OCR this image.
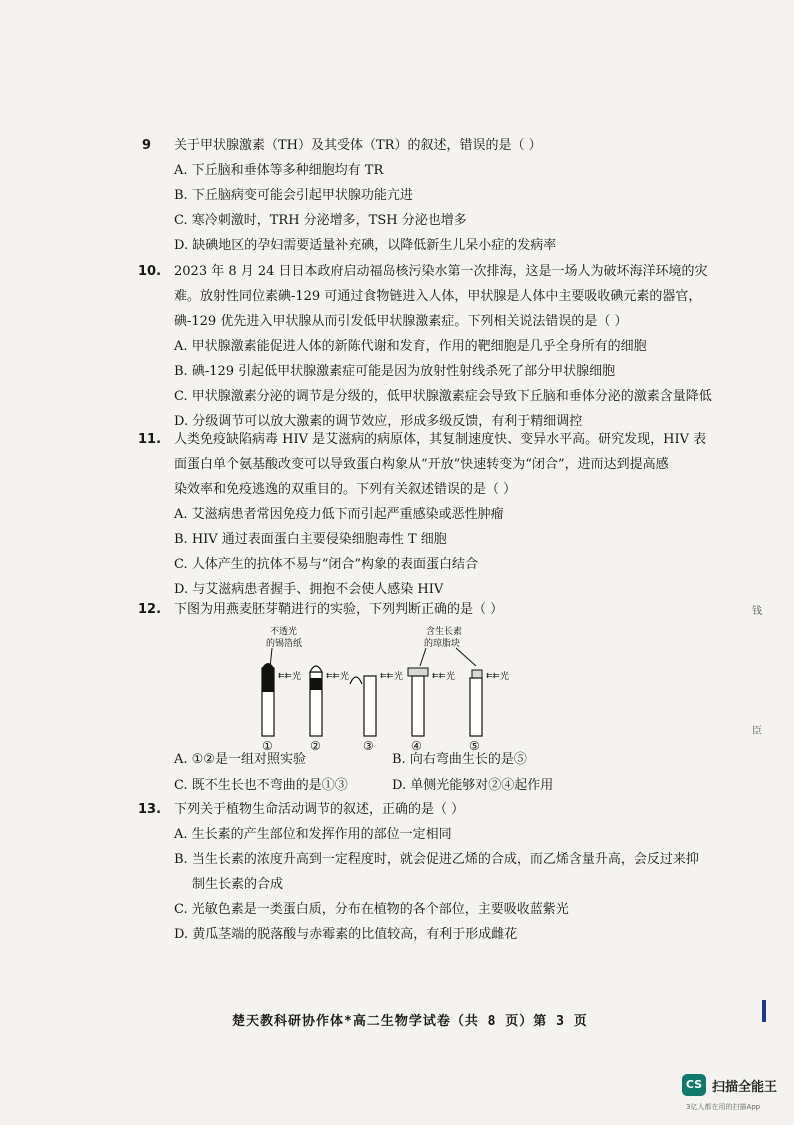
9 关于甲状腺激素（TH）及其受体（TR）的叙述，错误的是（ ）
A. 下丘脑和垂体等多种细胞均有 TR
B. 下丘脑病变可能会引起甲状腺功能亢进
C. 寒冷刺激时，TRH 分泌增多，TSH 分泌也增多
D. 缺碘地区的孕妇需要适量补充碘，以降低新生儿呆小症的发病率
10. 2023 年 8 月 24 日日本政府启动福岛核污染水第一次排海，这是一场人为破坏海洋环境的灾
难。放射性同位素碘-129 可通过食物链进入人体，甲状腺是人体中主要吸收碘元素的器官，
碘-129 优先进入甲状腺从而引发低甲状腺激素症。下列相关说法错误的是（ ）
A. 甲状腺激素能促进人体的新陈代谢和发育，作用的靶细胞是几乎全身所有的细胞
B. 碘-129 引起低甲状腺激素症可能是因为放射性射线杀死了部分甲状腺细胞
C. 甲状腺激素分泌的调节是分级的，低甲状腺激素症会导致下丘脑和垂体分泌的激素含量降低
D. 分级调节可以放大激素的调节效应，形成多级反馈，有利于精细调控
11. 人类免疫缺陷病毒 HIV 是艾滋病的病原体，其复制速度快、变异水平高。研究发现，HIV 表
面蛋白单个氨基酸改变可以导致蛋白构象从“开放”快速转变为“闭合”，进而达到提高感
染效率和免疫逃逸的双重目的。下列有关叙述错误的是（ ）
A. 艾滋病患者常因免疫力低下而引起严重感染或恶性肿瘤
B. HIV 通过表面蛋白主要侵染细胞毒性 T 细胞
C. 人体产生的抗体不易与“闭合”构象的表面蛋白结合
D. 与艾滋病患者握手、拥抱不会使人感染 HIV
12. 下图为用燕麦胚芽鞘进行的实验，下列判断正确的是（ ）
不透光
的锡箔纸
含生长素
的琼脂块
⇇⇇ 光	⇇⇇ 光	⇇⇇ 光	⇇⇇ 光	⇇⇇ 光
①	②	③	④	⑤
A. ①②是一组对照实验	B. 向右弯曲生长的是⑤
C. 既不生长也不弯曲的是①③	D. 单侧光能够对②④起作用
13. 下列关于植物生命活动调节的叙述，正确的是（ ）
A. 生长素的产生部位和发挥作用的部位一定相同
B. 当生长素的浓度升高到一定程度时，就会促进乙烯的合成，而乙烯含量升高，会反过来抑
制生长素的合成
C. 光敏色素是一类蛋白质，分布在植物的各个部位，主要吸收蓝紫光
D. 黄瓜茎端的脱落酸与赤霉素的比值较高，有利于形成雌花
楚天教科研协作体*高二生物学试卷（共 8 页）第 3 页
钱
臣
CS 扫描全能王
3亿人都在用的扫描App
